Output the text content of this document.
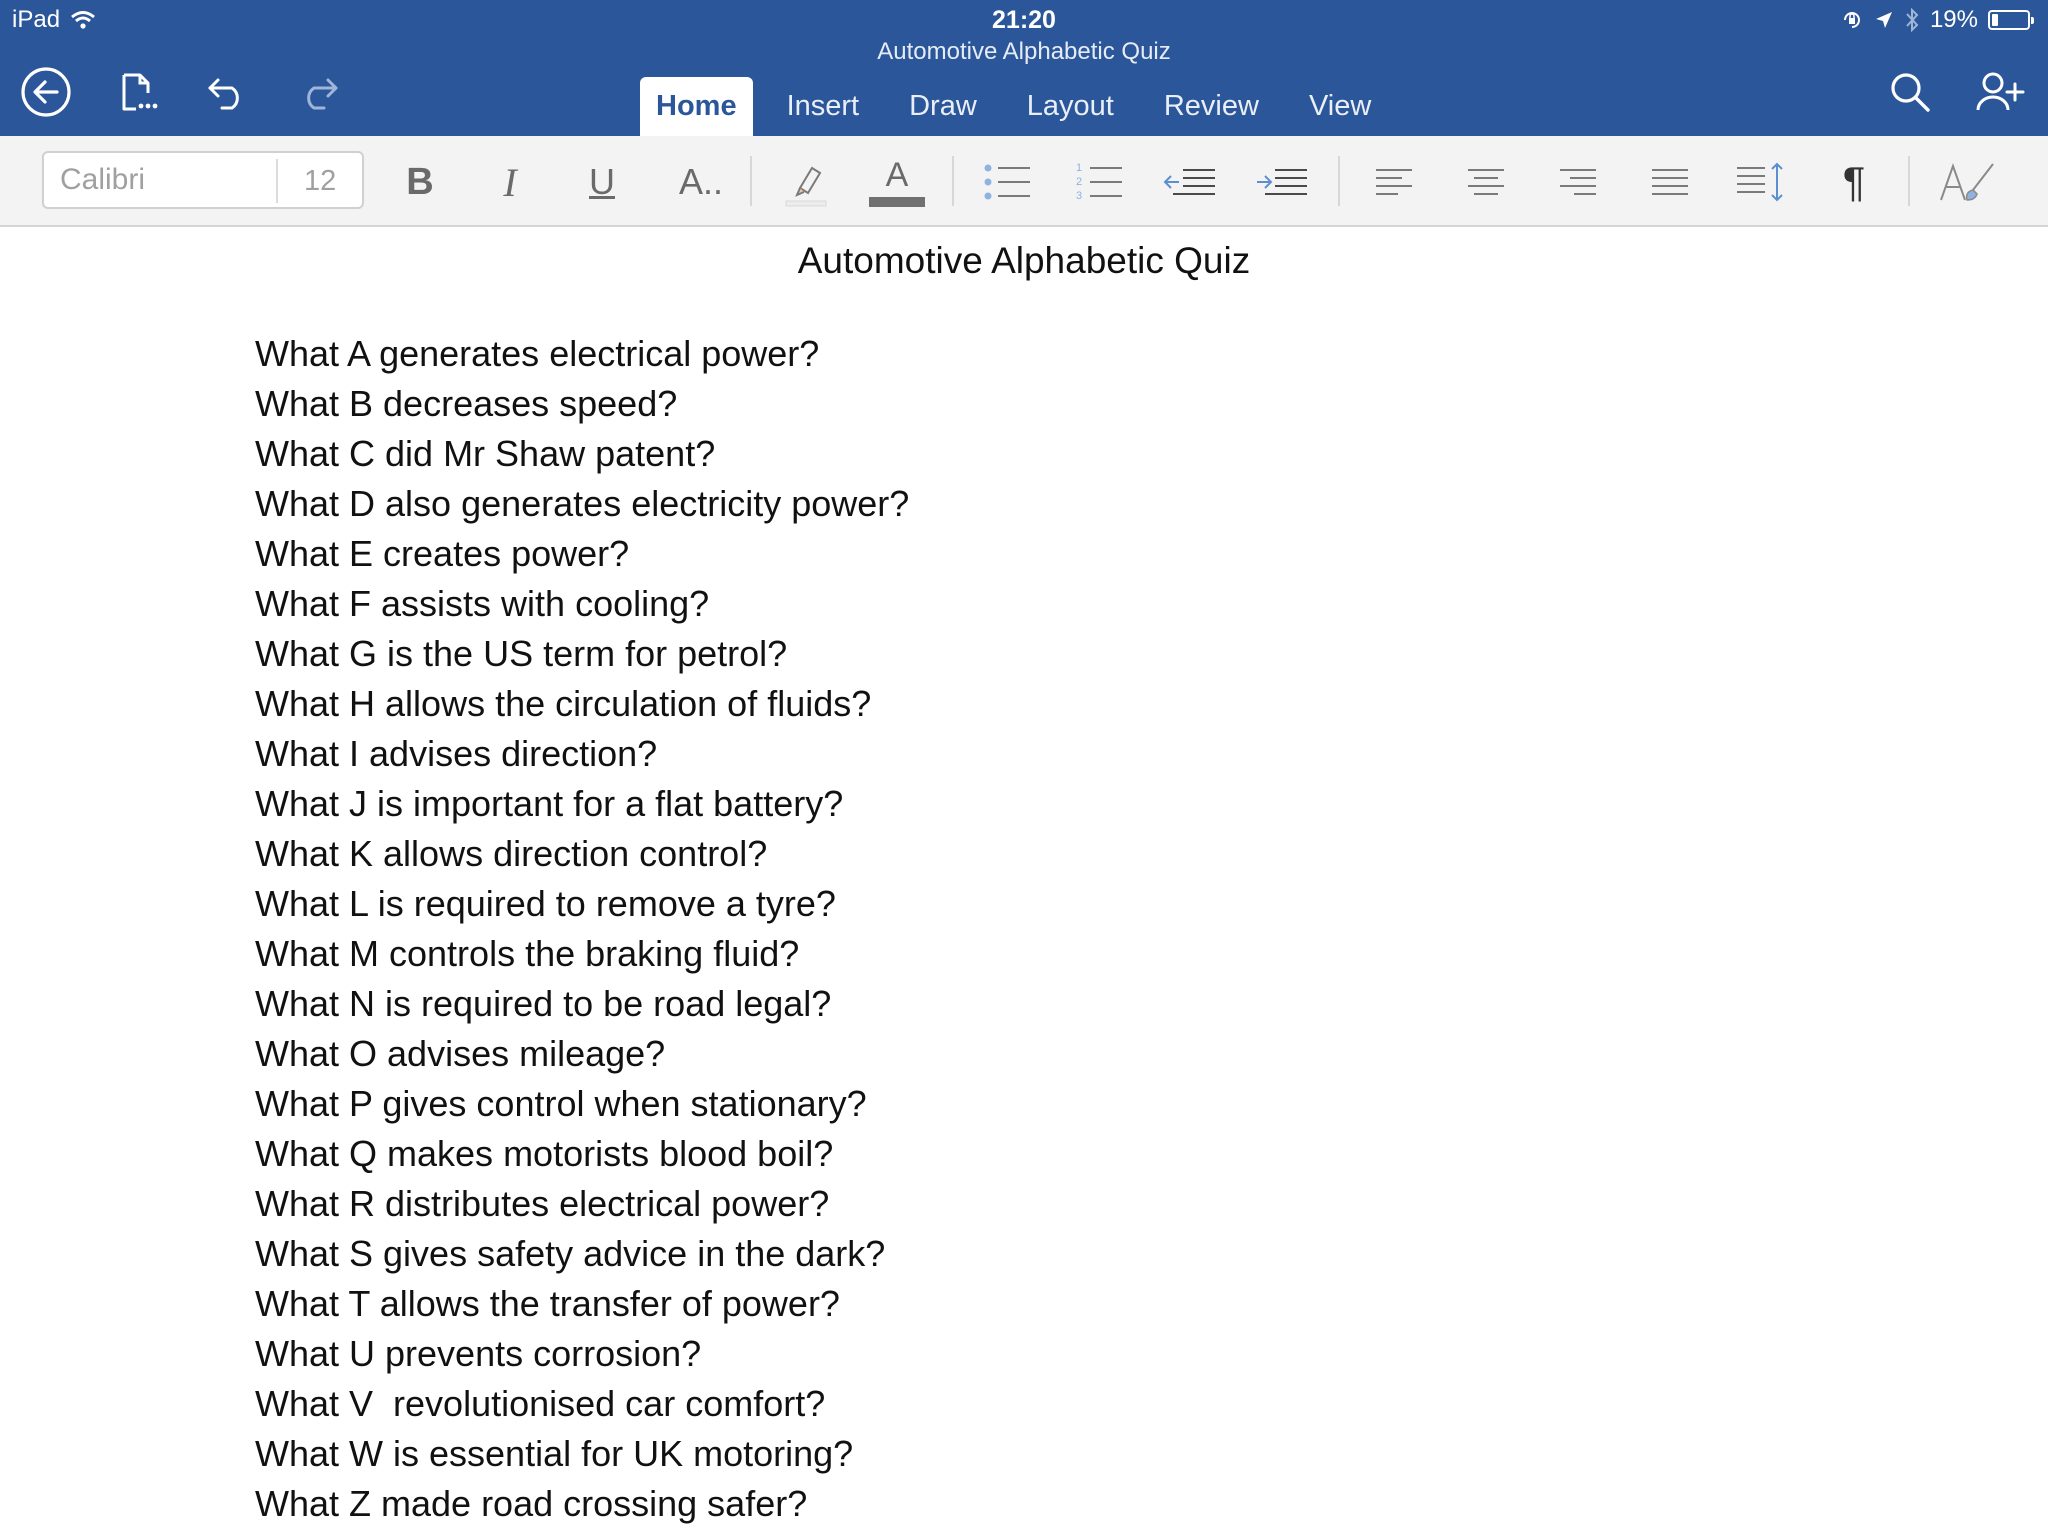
iPad	21:20
Automotive Alphabetic Quiz
19%
Home	Insert	Draw	Layout	Review	View
Calibri	12 B I U A..	A	1
2
3	¶
Automotive Alphabetic Quiz
What A generates electrical power?
What B decreases speed?
What C did Mr Shaw patent?
What D also generates electricity power?
What E creates power?
What F assists with cooling?
What G is the US term for petrol?
What H allows the circulation of fluids?
What I advises direction?
What J is important for a flat battery?
What K allows direction control?
What L is required to remove a tyre?
What M controls the braking fluid?
What N is required to be road legal?
What O advises mileage?
What P gives control when stationary?
What Q makes motorists blood boil?
What R distributes electrical power?
What S gives safety advice in the dark?
What T allows the transfer of power?
What U prevents corrosion?
What V  revolutionised car comfort?
What W is essential for UK motoring?
What Z made road crossing safer?
